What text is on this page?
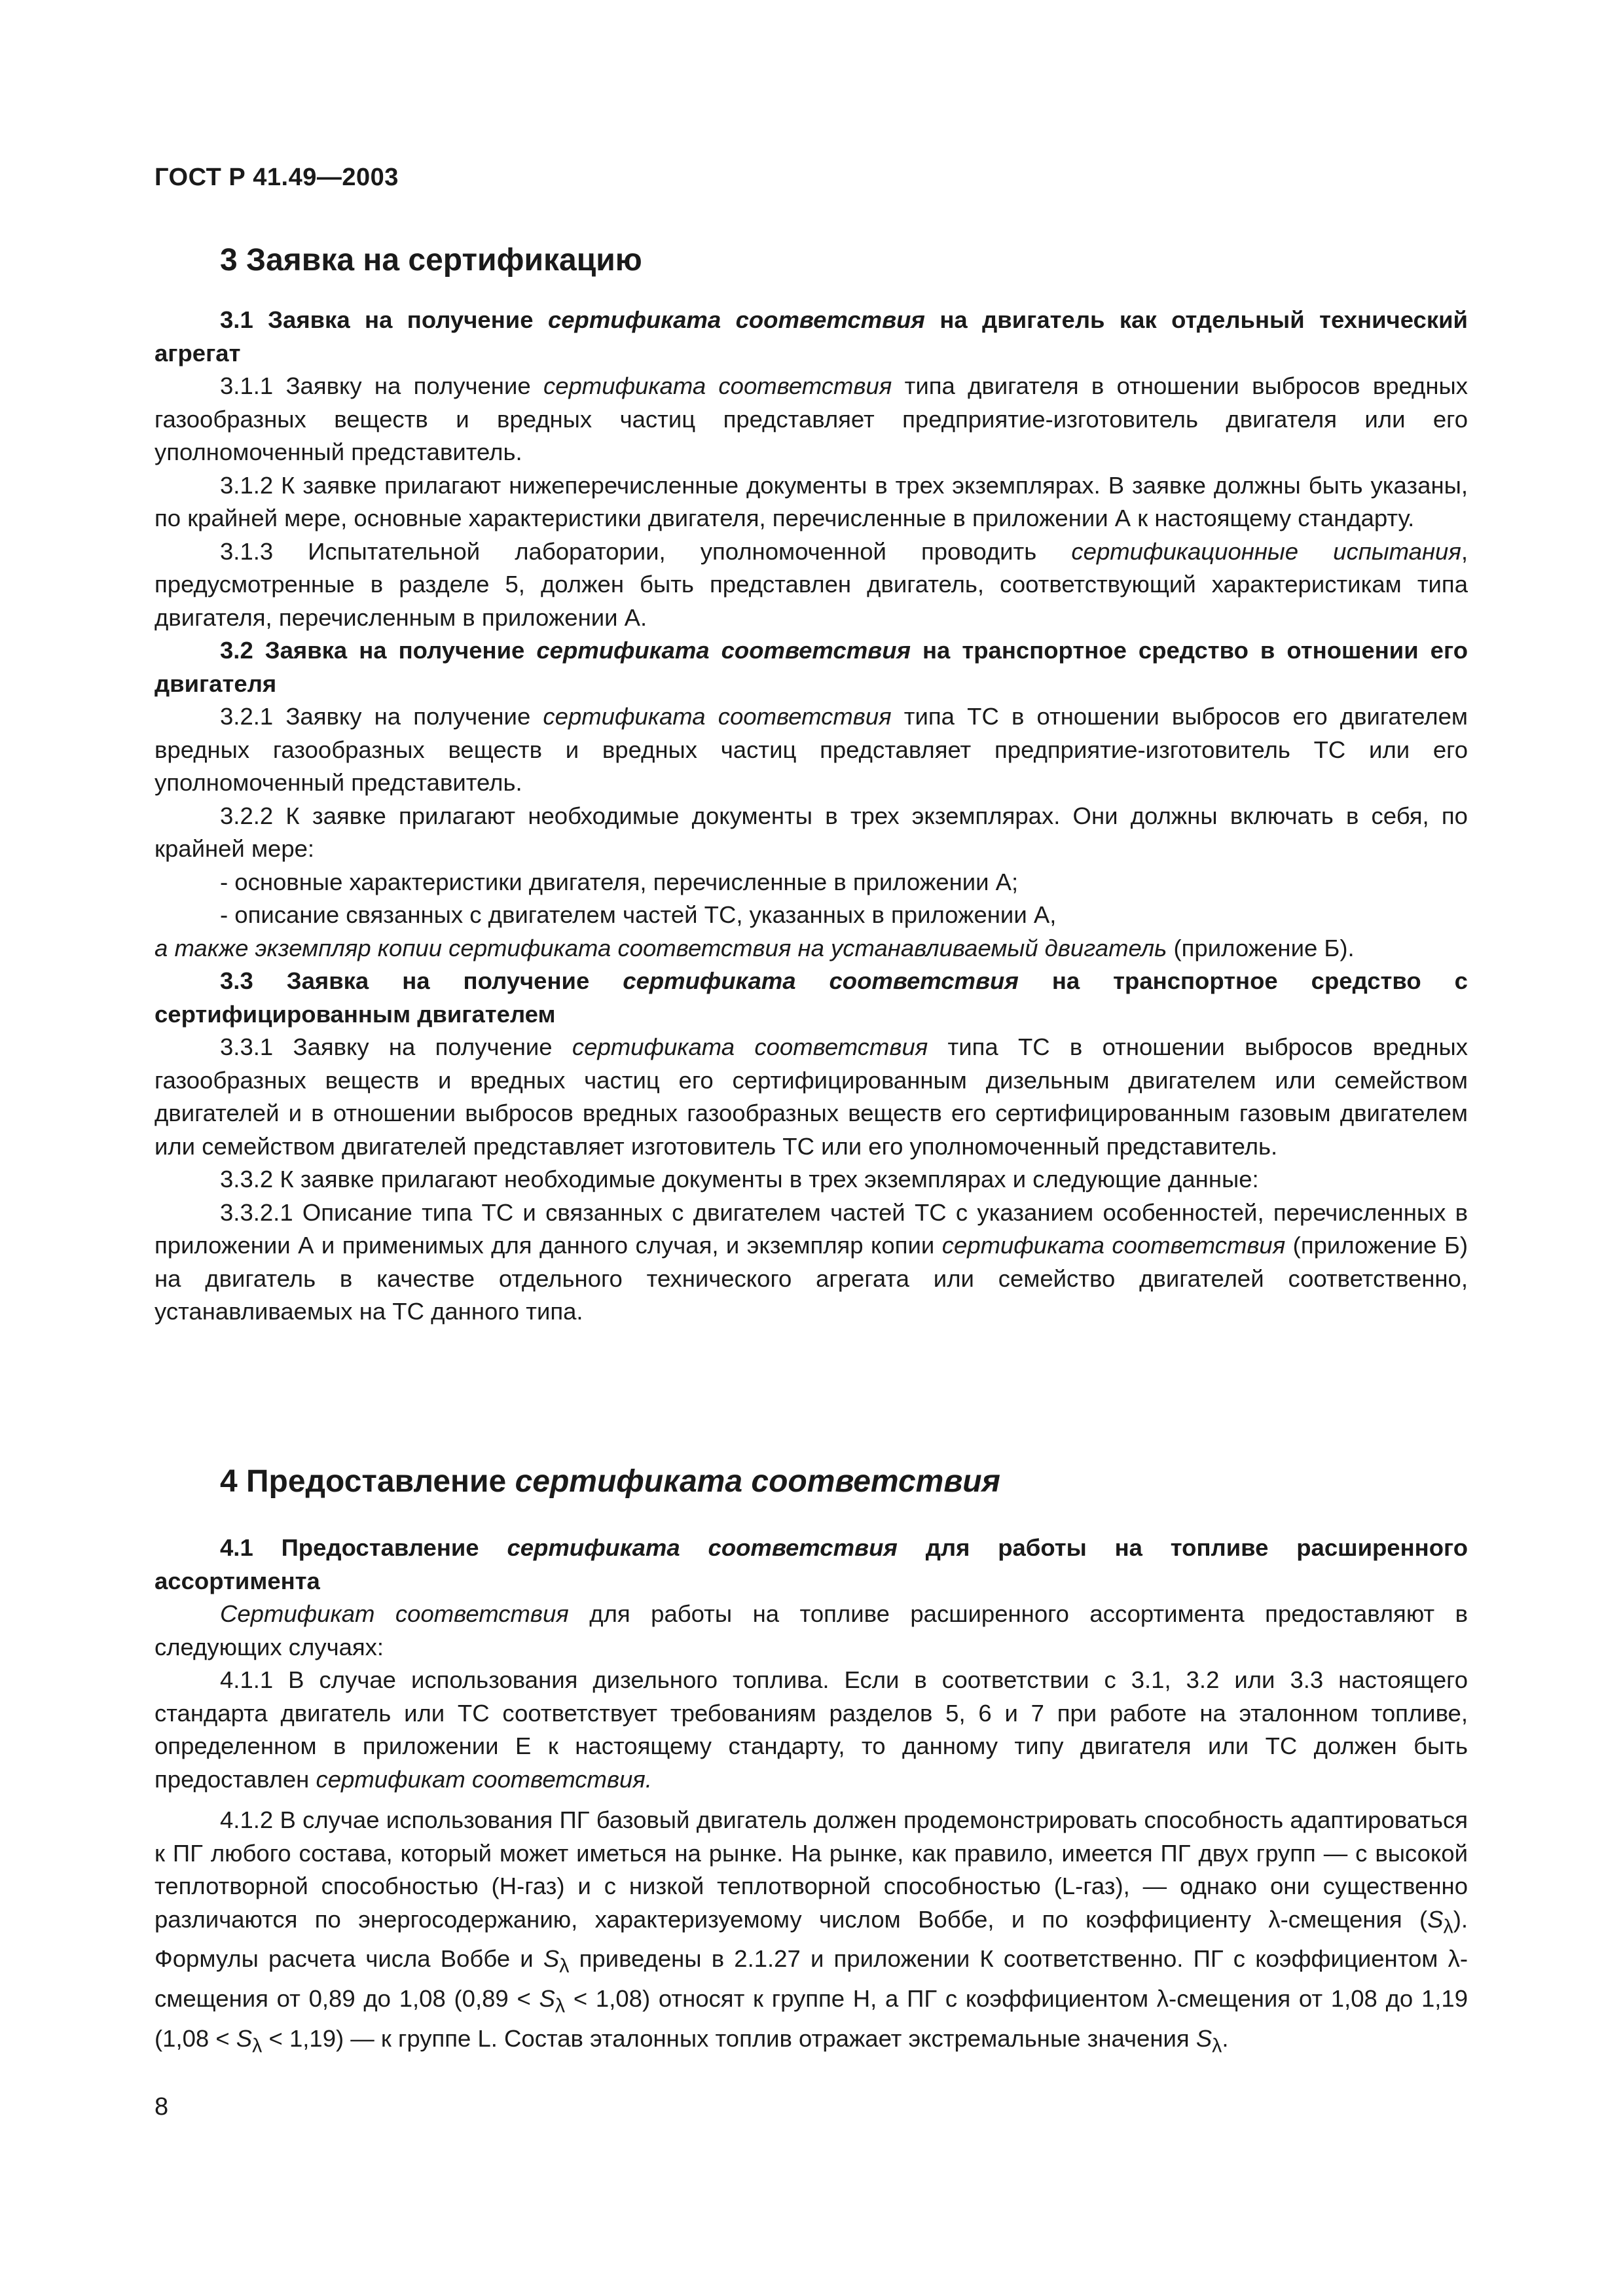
ГОСТ Р 41.49—2003
3 Заявка на сертификацию

3.1 Заявка на получение сертификата соответствия на двигатель как отдельный технический агрегат

3.1.1 Заявку на получение сертификата соответствия типа двигателя в отношении выбросов вредных газообразных веществ и вредных частиц представляет предприятие-изготовитель двигателя или его уполномоченный представитель.

3.1.2 К заявке прилагают нижеперечисленные документы в трех экземплярах. В заявке должны быть указаны, по крайней мере, основные характеристики двигателя, перечисленные в приложении А к настоящему стандарту.

3.1.3 Испытательной лаборатории, уполномоченной проводить сертификационные испытания, предусмотренные в разделе 5, должен быть представлен двигатель, соответствующий характеристикам типа двигателя, перечисленным в приложении А.

3.2 Заявка на получение сертификата соответствия на транспортное средство в отношении его двигателя

3.2.1 Заявку на получение сертификата соответствия типа ТС в отношении выбросов его двигателем вредных газообразных веществ и вредных частиц представляет предприятие-изготовитель ТС или его уполномоченный представитель.

3.2.2 К заявке прилагают необходимые документы в трех экземплярах. Они должны включать в себя, по крайней мере:

- основные характеристики двигателя, перечисленные в приложении А;

- описание связанных с двигателем частей ТС, указанных в приложении А,

а также экземпляр копии сертификата соответствия на устанавливаемый двигатель (приложение Б).

3.3 Заявка на получение сертификата соответствия на транспортное средство с сертифицированным двигателем

3.3.1 Заявку на получение сертификата соответствия типа ТС в отношении выбросов вредных газообразных веществ и вредных частиц его сертифицированным дизельным двигателем или семейством двигателей и в отношении выбросов вредных газообразных веществ его сертифицированным газовым двигателем или семейством двигателей представляет изготовитель ТС или его уполномоченный представитель.

3.3.2 К заявке прилагают необходимые документы в трех экземплярах и следующие данные:

3.3.2.1 Описание типа ТС и связанных с двигателем частей ТС с указанием особенностей, перечисленных в приложении А и применимых для данного случая, и экземпляр копии сертификата соответствия (приложение Б) на двигатель в качестве отдельного технического агрегата или семейство двигателей соответственно, устанавливаемых на ТС данного типа.

4 Предоставление сертификата соответствия

4.1 Предоставление сертификата соответствия для работы на топливе расширенного ассортимента

Сертификат соответствия для работы на топливе расширенного ассортимента предоставляют в следующих случаях:

4.1.1 В случае использования дизельного топлива. Если в соответствии с 3.1, 3.2 или 3.3 настоящего стандарта двигатель или ТС соответствует требованиям разделов 5, 6 и 7 при работе на эталонном топливе, определенном в приложении Е к настоящему стандарту, то данному типу двигателя или ТС должен быть предоставлен сертификат соответствия.

4.1.2 В случае использования ПГ базовый двигатель должен продемонстрировать способность адаптироваться к ПГ любого состава, который может иметься на рынке. На рынке, как правило, имеется ПГ двух групп — с высокой теплотворной способностью (Н-газ) и с низкой теплотворной способностью (L-газ), — однако они существенно различаются по энергосодержанию, характеризуемому числом Воббе, и по коэффициенту λ-смещения $(S_\lambda)$. Формулы расчета числа Воббе и $S_\lambda$ приведены в 2.1.27 и приложении К соответственно. ПГ с коэффициентом λ-смещения от 0,89 до 1,08 $(0,89 < S_\lambda < 1,08)$ относят к группе Н, а ПГ с коэффициентом λ-смещения от 1,08 до 1,19 $(1,08 < S_\lambda < 1,19)$ — к группе L. Состав эталонных топлив отражает экстремальные значения $S_\lambda$.

8
